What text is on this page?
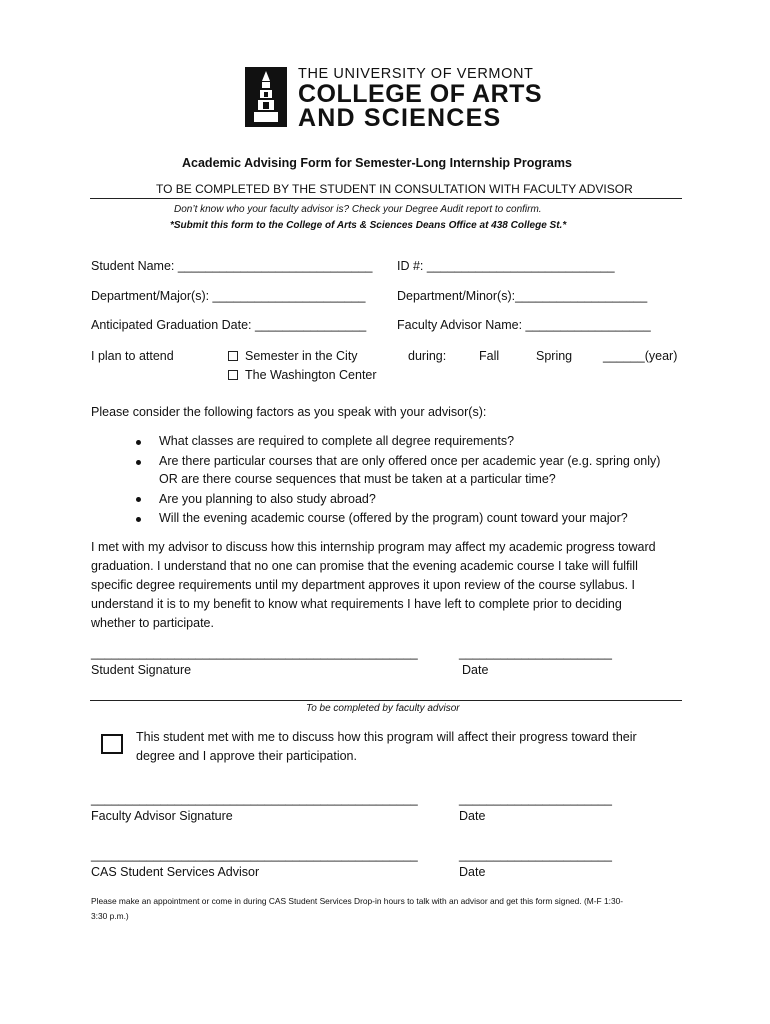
THE UNIVERSITY OF VERMONT
COLLEGE OF ARTS
AND SCIENCES
Academic Advising Form for Semester-Long Internship Programs
TO BE COMPLETED BY THE STUDENT IN CONSULTATION WITH FACULTY ADVISOR
Don’t know who your faculty advisor is? Check your Degree Audit report to confirm.
*Submit this form to the College of Arts & Sciences Deans Office at 438 College St.*
Student Name: ____________________________ ID #: ___________________________
Department/Major(s): ______________________	Department/Minor(s):___________________
Anticipated Graduation Date: ________________ Faculty Advisor Name: __________________
I plan to attend	Semester in the City
The Washington Center
during:	Fall	Spring ______(year)
Please consider the following factors as you speak with your advisor(s):
What classes are required to complete all degree requirements?
Are there particular courses that are only offered once per academic year (e.g. spring only)
OR are there course sequences that must be taken at a particular time?
Are you planning to also study abroad?
Will the evening academic course (offered by the program) count toward your major?
I met with my advisor to discuss how this internship program may affect my academic progress toward
graduation. I understand that no one can promise that the evening academic course I take will fulfill
specific degree requirements until my department approves it upon review of the course syllabus. I
understand it is to my benefit to know what requirements I have left to complete prior to deciding
whether to participate.
_______________________________________________	______________________
Student Signature	Date
To be completed by faculty advisor
This student met with me to discuss how this program will affect their progress toward their
degree and I approve their participation.
_______________________________________________	______________________
Faculty Advisor Signature	Date
_______________________________________________	______________________
CAS Student Services Advisor	Date
Please make an appointment or come in during CAS Student Services Drop-in hours to talk with an advisor and get this form signed. (M-F 1:30-
3:30 p.m.)
